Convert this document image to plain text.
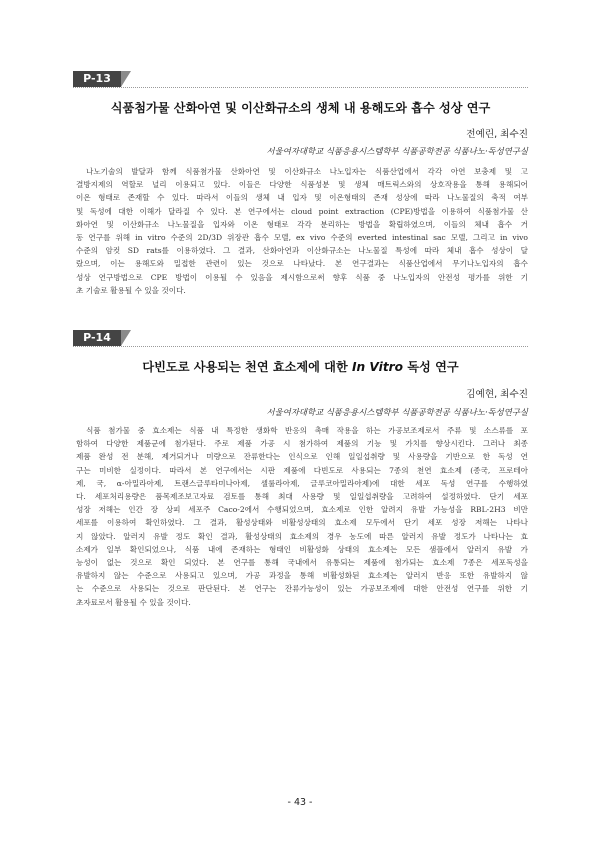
P-13
식품첨가물 산화아연 및 이산화규소의 생체 내 용해도와 흡수 성상 연구
전예린, 최수진
서울여자대학교 식품응용시스템학부 식품공학전공 식품나노·독성연구실
나노기술의 발달과 함께 식품첨가물 산화아연 및 이산화규소 나노입자는 식품산업에서 각각 아연 보충제 및 고
결방지제의 역할로 널리 이용되고 있다. 이들은 다양한 식품성분 및 생체 매트릭스와의 상호작용을 통해 용해되어
이온 형태로 존재할 수 있다. 따라서 이들의 생체 내 입자 및 이온형태의 존재 성상에 따라 나노물질의 축적 여부
및 독성에 대한 이해가 달라질 수 있다. 본 연구에서는 cloud point extraction (CPE)방법을 이용하여 식품첨가물 산
화아연 및 이산화규소 나노물질을 입자와 이온 형태로 각각 분리하는 방법을 확립하였으며, 이들의 체내 흡수 거
동 연구를 위해 in vitro 수준의 2D/3D 위장관 흡수 모델, ex vivo 수준의 everted intestinal sac 모델, 그리고 in vivo
수준의 암컷 SD rats를 이용하였다. 그 결과, 산화아연과 이산화규소는 나노물질 특성에 따라 체내 흡수 성상이 달
랐으며, 이는 용해도와 밀접한 관련이 있는 것으로 나타났다. 본 연구결과는 식품산업에서 무기나노입자의 흡수
성상 연구방법으로 CPE 방법이 이용될 수 있음을 제시함으로써 향후 식품 중 나노입자의 안전성 평가를 위한 기
초 기술로 활용될 수 있을 것이다.
P-14
다빈도로 사용되는 천연 효소제에 대한 In Vitro 독성 연구
김예현, 최수진
서울여자대학교 식품응용시스템학부 식품공학전공 식품나노·독성연구실
식품 첨가물 중 효소제는 식품 내 특정한 생화학 반응의 촉매 작용을 하는 가공보조제로서 주류 및 소스류를 포
함하여 다양한 제품군에 첨가된다. 주로 제품 가공 시 첨가하여 제품의 기능 및 가치를 향상시킨다. 그러나 최종
제품 완성 전 분해, 제거되거나 미량으로 잔류한다는 인식으로 인해 일일섭취량 및 사용량을 기반으로 한 독성 연
구는 미비한 실정이다. 따라서 본 연구에서는 시판 제품에 다빈도로 사용되는 7종의 천연 효소제 (종국, 프로테아
제, 국, α-아밀라아제, 트랜스글루타미나아제, 셀룰라아제, 글루코아밀라아제)에 대한 세포 독성 연구를 수행하였
다. 세포처리용량은 품목제조보고자료 검토를 통해 최대 사용량 및 일일섭취량을 고려하여 설정하였다. 단기 세포
성장 저해는 인간 장 상피 세포주 Caco-2에서 수행되었으며, 효소제로 인한 알려지 유발 가능성을 RBL-2H3 비만
세포를 이용하여 확인하였다. 그 결과, 활성상태와 비활성상태의 효소제 모두에서 단기 세포 성장 저해는 나타나
지 않았다. 알러지 유발 정도 확인 결과, 활성상태의 효소제의 경우 농도에 따른 알러지 유발 정도가 나타나는 효
소제가 일부 확인되었으나, 식품 내에 존재하는 형태인 비활성화 상태의 효소제는 모든 샘플에서 알러지 유발 가
능성이 없는 것으로 확인 되었다. 본 연구를 통해 국내에서 유통되는 제품에 첨가되는 효소제 7종은 세포독성을
유발하지 않는 수준으로 사용되고 있으며, 가공 과정을 통해 비활성화된 효소제는 알러지 반응 또한 유발하지 않
는 수준으로 사용되는 것으로 판단된다. 본 연구는 잔류가능성이 있는 가공보조제에 대한 안전성 연구를 위한 기
초자료로서 활용될 수 있을 것이다.
- 43 -
